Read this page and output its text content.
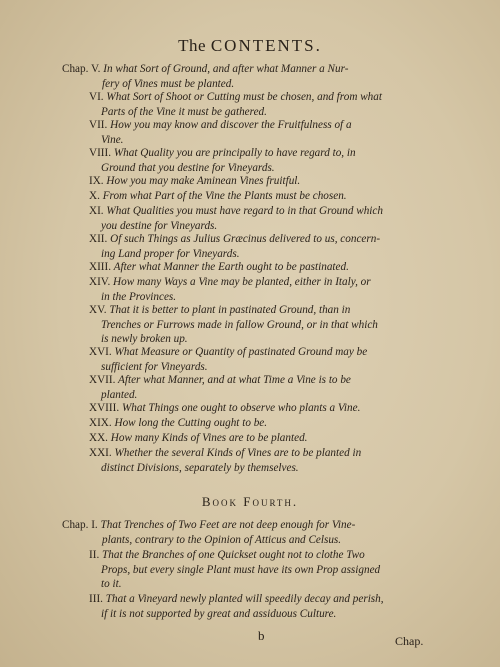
The CONTENTS.
Chap. V. In what Sort of Ground, and after what Manner a Nur-
fery of Vines must be planted.
VI. What Sort of Shoot or Cutting must be chosen, and from what
Parts of the Vine it must be gathered.
VII. How you may know and discover the Fruitfulness of a
Vine.
VIII. What Quality you are principally to have regard to, in
Ground that you destine for Vineyards.
IX. How you may make Aminean Vines fruitful.
X. From what Part of the Vine the Plants must be chosen.
XI. What Qualities you must have regard to in that Ground which
you destine for Vineyards.
XII. Of such Things as Julius Græcinus delivered to us, concern-
ing Land proper for Vineyards.
XIII. After what Manner the Earth ought to be pastinated.
XIV. How many Ways a Vine may be planted, either in Italy, or
in the Provinces.
XV. That it is better to plant in pastinated Ground, than in
Trenches or Furrows made in fallow Ground, or in that which
is newly broken up.
XVI. What Measure or Quantity of pastinated Ground may be
sufficient for Vineyards.
XVII. After what Manner, and at what Time a Vine is to be
planted.
XVIII. What Things one ought to observe who plants a Vine.
XIX. How long the Cutting ought to be.
XX. How many Kinds of Vines are to be planted.
XXI. Whether the several Kinds of Vines are to be planted in
distinct Divisions, separately by themselves.
Book Fourth.
Chap. I. That Trenches of Two Feet are not deep enough for Vine-
plants, contrary to the Opinion of Atticus and Celsus.
II. That the Branches of one Quickset ought not to clothe Two
Props, but every single Plant must have its own Prop assigned
to it.
III. That a Vineyard newly planted will speedily decay and perish,
if it is not supported by great and assiduous Culture.
b	Chap.
